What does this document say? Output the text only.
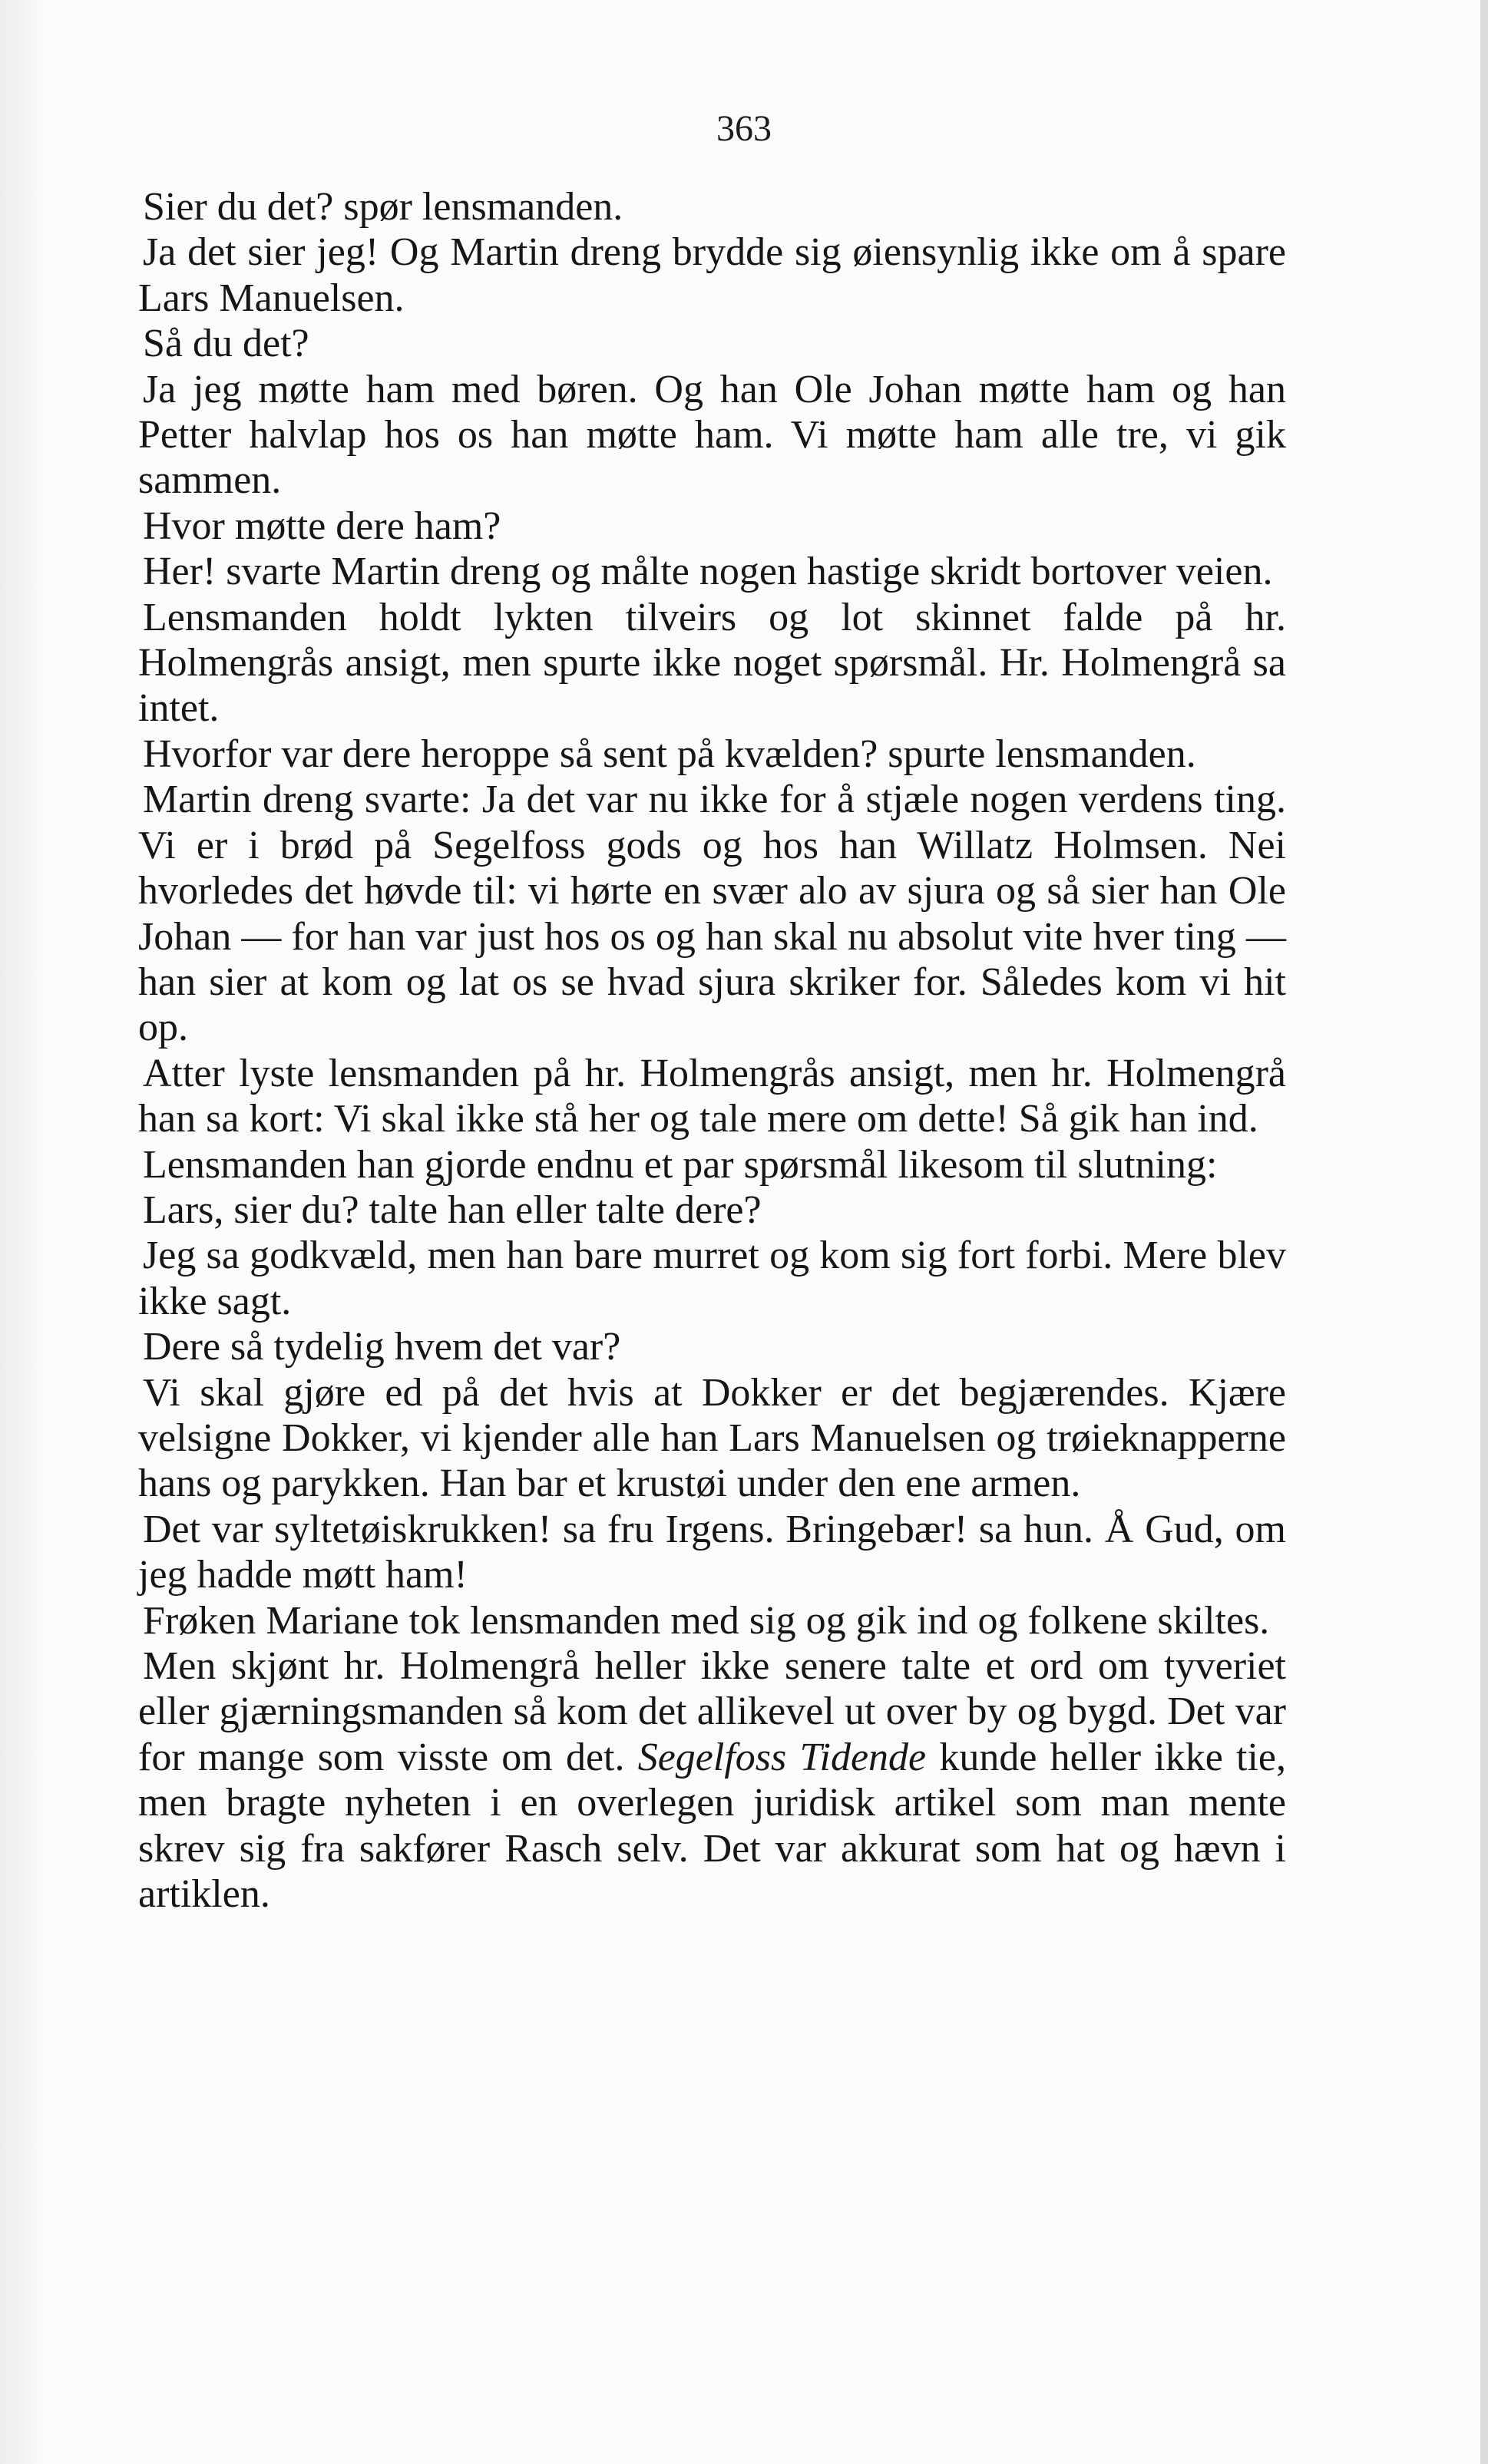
363

Sier du det? spør lensmanden.

Ja det sier jeg! Og Martin dreng brydde sig øiensynlig ikke om å spare Lars Manuelsen.

Så du det?

Ja jeg møtte ham med børen. Og han Ole Johan møtte ham og han Petter halvlap hos os han møtte ham. Vi møtte ham alle tre, vi gik sammen.

Hvor møtte dere ham?

Her! svarte Martin dreng og målte nogen hastige skridt bortover veien.

Lensmanden holdt lykten tilveirs og lot skinnet falde på hr. Holmengrås ansigt, men spurte ikke noget spørsmål. Hr. Holmengrå sa intet.

Hvorfor var dere heroppe så sent på kvælden? spurte lensmanden.

Martin dreng svarte: Ja det var nu ikke for å stjæle nogen verdens ting. Vi er i brød på Segelfoss gods og hos han Willatz Holmsen. Nei hvorledes det høvde til: vi hørte en svær alo av sjura og så sier han Ole Johan — for han var just hos os og han skal nu absolut vite hver ting — han sier at kom og lat os se hvad sjura skriker for. Således kom vi hit op.

Atter lyste lensmanden på hr. Holmengrås ansigt, men hr. Holmengrå han sa kort: Vi skal ikke stå her og tale mere om dette! Så gik han ind.

Lensmanden han gjorde endnu et par spørsmål likesom til slutning:

Lars, sier du? talte han eller talte dere?

Jeg sa godkvæld, men han bare murret og kom sig fort forbi. Mere blev ikke sagt.

Dere så tydelig hvem det var?

Vi skal gjøre ed på det hvis at Dokker er det begjærendes. Kjære velsigne Dokker, vi kjender alle han Lars Manuelsen og trøieknapperne hans og parykken. Han bar et krustøi under den ene armen.

Det var syltetøiskrukken! sa fru Irgens. Bringebær! sa hun. Å Gud, om jeg hadde møtt ham!

Frøken Mariane tok lensmanden med sig og gik ind og folkene skiltes.

Men skjønt hr. Holmengrå heller ikke senere talte et ord om tyveriet eller gjærningsmanden så kom det allikevel ut over by og bygd. Det var for mange som visste om det. Segelfoss Tidende kunde heller ikke tie, men bragte nyheten i en overlegen juridisk artikel som man mente skrev sig fra sakfører Rasch selv. Det var akkurat som hat og hævn i artiklen.
